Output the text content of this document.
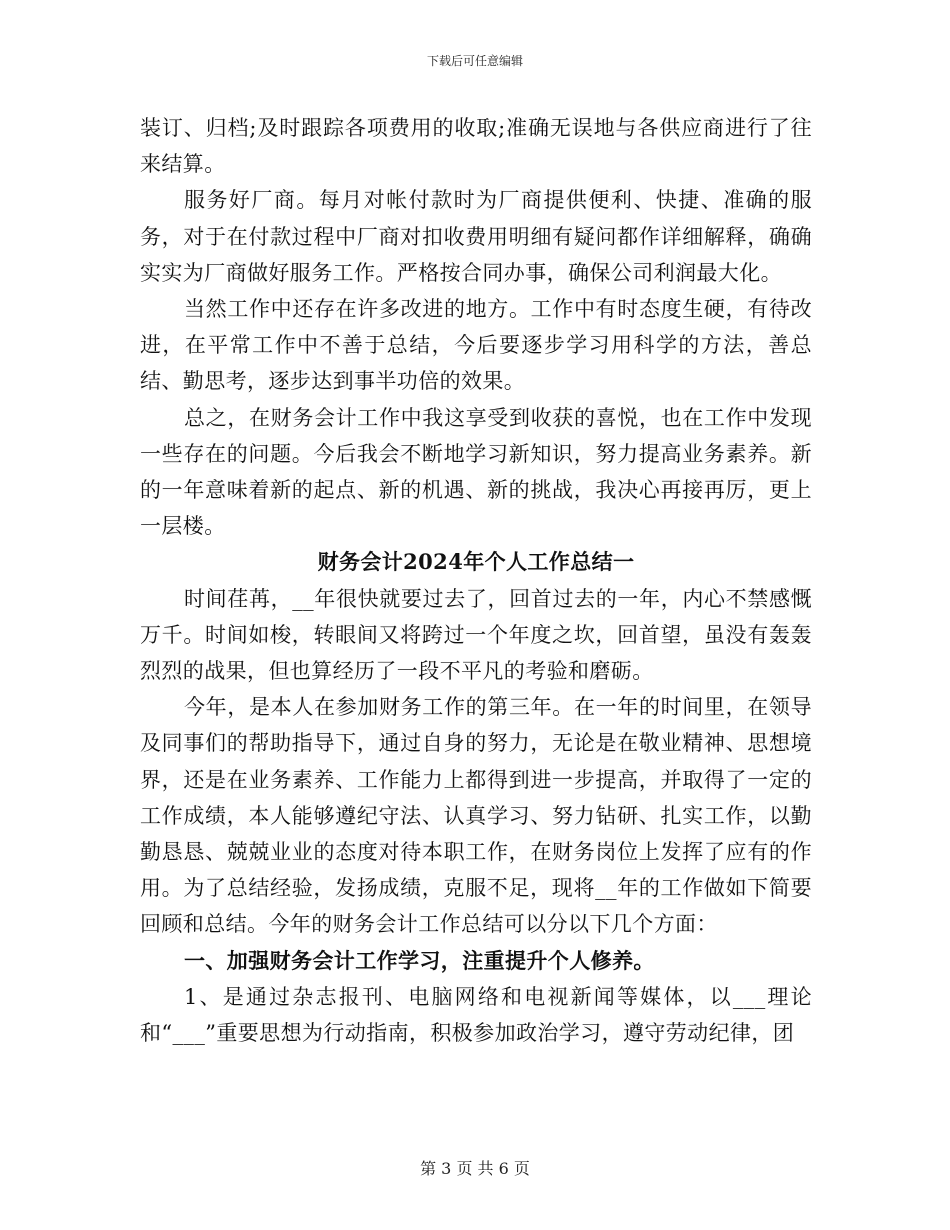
下载后可任意编辑

装订、归档;及时跟踪各项费用的收取;准确无误地与各供应商进行了往来结算。

服务好厂商。每月对帐付款时为厂商提供便利、快捷、准确的服务，对于在付款过程中厂商对扣收费用明细有疑问都作详细解释，确确实实为厂商做好服务工作。严格按合同办事，确保公司利润最大化。

当然工作中还存在许多改进的地方。工作中有时态度生硬，有待改进，在平常工作中不善于总结，今后要逐步学习用科学的方法，善总结、勤思考，逐步达到事半功倍的效果。

总之，在财务会计工作中我这享受到收获的喜悦，也在工作中发现一些存在的问题。今后我会不断地学习新知识，努力提高业务素养。新的一年意味着新的起点、新的机遇、新的挑战，我决心再接再厉，更上一层楼。

财务会计2024年个人工作总结一

时间荏苒，__年很快就要过去了，回首过去的一年，内心不禁感慨万千。时间如梭，转眼间又将跨过一个年度之坎，回首望，虽没有轰轰烈烈的战果，但也算经历了一段不平凡的考验和磨砺。

今年，是本人在参加财务工作的第三年。在一年的时间里，在领导及同事们的帮助指导下，通过自身的努力，无论是在敬业精神、思想境界，还是在业务素养、工作能力上都得到进一步提高，并取得了一定的工作成绩，本人能够遵纪守法、认真学习、努力钻研、扎实工作，以勤勤恳恳、兢兢业业的态度对待本职工作，在财务岗位上发挥了应有的作用。为了总结经验，发扬成绩，克服不足，现将__年的工作做如下简要回顾和总结。今年的财务会计工作总结可以分以下几个方面：

一、加强财务会计工作学习，注重提升个人修养。

1、是通过杂志报刊、电脑网络和电视新闻等媒体，以___理论和“___”重要思想为行动指南，积极参加政治学习，遵守劳动纪律，团

第 3 页 共 6 页
